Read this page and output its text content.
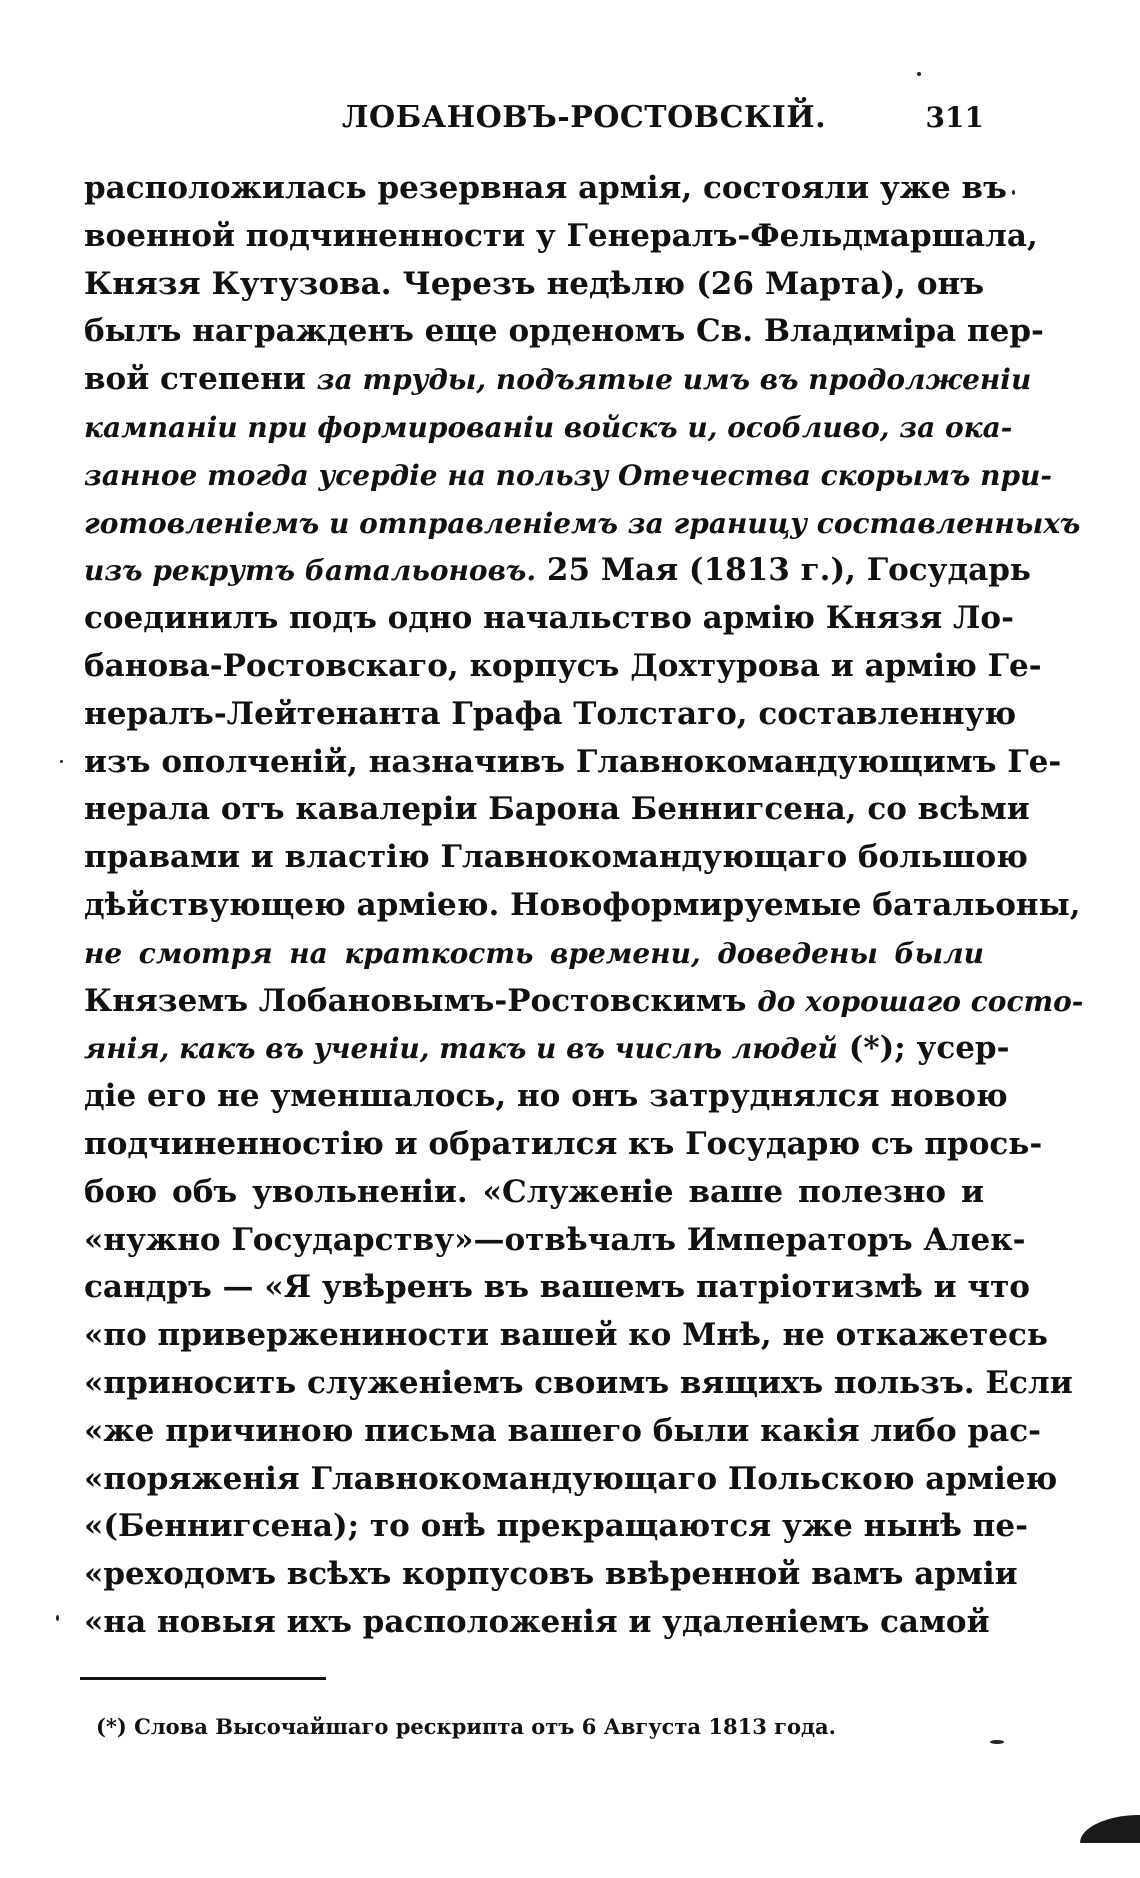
ЛОБАНОВЪ-РОСТОВСКІЙ.	311
расположилась резервная армія, состояли уже въ
военной подчиненности у Генералъ-Фельдмаршала,
Князя Кутузова. Черезъ недѣлю (26 Марта), онъ
былъ награжденъ еще орденомъ Св. Владиміра пер-
вой степени за труды, подъятые имъ въ продолженіи
кампаніи при формированіи войскъ и, особливо, за ока-
занное тогда усердіе на пользу Отечества скорымъ при-
готовленіемъ и отправленіемъ за границу составленныхъ
изъ рекрутъ батальоновъ. 25 Мая (1813 г.), Государь
соединилъ подъ одно начальство армію Князя Ло-
банова-Ростовскаго, корпусъ Дохтурова и армію Ге-
нералъ-Лейтенанта Графа Толстаго, составленную
изъ ополченій, назначивъ Главнокомандующимъ Ге-
нерала отъ кавалеріи Барона Беннигсена, со всѣми
правами и властію Главнокомандующаго большою
дѣйствующею арміею. Новоформируемые батальоны,
не смотря на краткость времени, доведены были
Княземъ Лобановымъ-Ростовскимъ до хорошаго состо-
янія, какъ въ ученіи, такъ и въ числѣ людей (*); усер-
діе его не уменшалось, но онъ затруднялся новою
подчиненностію и обратился къ Государю съ прось-
бою объ увольненіи. «Служеніе ваше полезно и
«нужно Государству»—отвѣчалъ Императоръ Алек-
сандръ — «Я увѣренъ въ вашемъ патріотизмѣ и что
«по привержениности вашей ко Мнѣ, не откажетесь
«приносить служеніемъ своимъ вящихъ пользъ. Если
«же причиною письма вашего были какія либо рас-
«поряженія Главнокомандующаго Польскою арміею
«(Беннигсена); то онѣ прекращаются уже нынѣ пе-
«реходомъ всѣхъ корпусовъ ввѣренной вамъ арміи
«на новыя ихъ расположенія и удаленіемъ самой
(*) Слова Высочайшаго рескрипта отъ 6 Августа 1813 года.
